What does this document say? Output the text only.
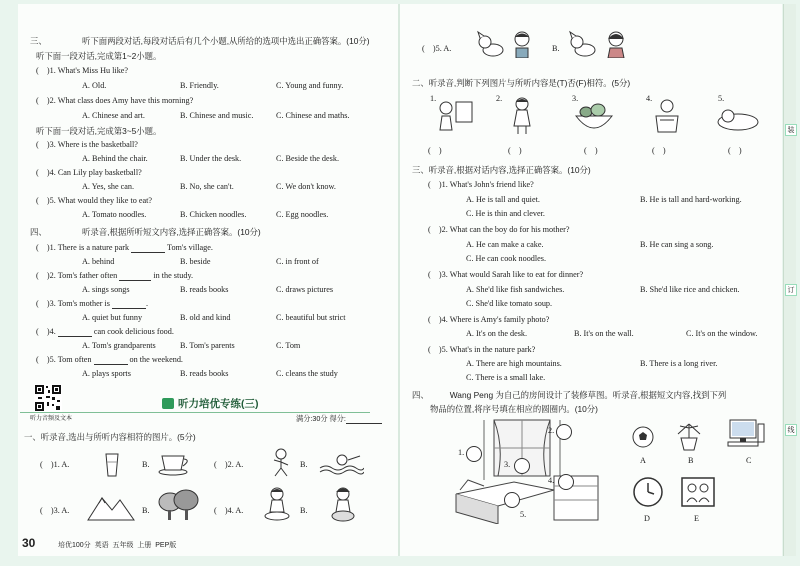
三、	听下面两段对话,每段对话后有几个小题,从所给的选项中选出正确答案。(10分)
听下面一段对话,完成第1~2小题。
(    )1. What's Miss Hu like?
A. Old.	B. Friendly.	C. Young and funny.
(    )2. What class does Amy have this morning?
A. Chinese and art.	B. Chinese and music.	C. Chinese and maths.
听下面一段对话,完成第3~5小题。
(    )3. Where is the basketball?
A. Behind the chair.	B. Under the desk.	C. Beside the desk.
(    )4. Can Lily play basketball?
A. Yes, she can.	B. No, she can't.	C. We don't know.
(    )5. What would they like to eat?
A. Tomato noodles.	B. Chicken noodles.	C. Egg noodles.
四、	听录音,根据所听短文内容,选择正确答案。(10分)
(    )1. There is a nature park	Tom's village.
A. behind	B. beside	C. in front of
(    )2. Tom's father often	in the study.
A. sings songs	B. reads books	C. draws pictures
(    )3. Tom's mother is	.
A. quiet but funny	B. old and kind	C. beautiful but strict
(    )4.	can cook delicious food.
A. Tom's grandparents	B. Tom's parents	C. Tom
(    )5. Tom often	on the weekend.
A. plays sports	B. reads books	C. cleans the study
听力音频及文本
听力培优专练(三)
满分:30分 得分:
一、听录音,选出与所听内容相符的图片。(5分)
(    )1. A.	B.	(    )2. A.	B.
(    )3. A.	B.	(    )4. A.	B.
30	培优100分 英语 五年级 上册 PEP版
(    )5. A.	B.
二、听录音,判断下列图片与所听内容是(T)否(F)相符。(5分)
1.	2.	3.	4.	5.
(    )	(    )	(    )	(    )	(    )
三、听录音,根据对话内容,选择正确答案。(10分)
(    )1. What's John's friend like?
A. He is tall and quiet.	B. He is tall and hard-working.
C. He is thin and clever.
(    )2. What can the boy do for his mother?
A. He can make a cake.	B. He can sing a song.
C. He can cook noodles.
(    )3. What would Sarah like to eat for dinner?
A. She'd like fish sandwiches.	B. She'd like rice and chicken.
C. She'd like tomato soup.
(    )4. Where is Amy's family photo?
A. It's on the desk.	B. It's on the wall.	C. It's on the window.
(    )5. What's in the nature park?
A. There are high mountains.	B. There is a long river.
C. There is a small lake.
四、 Wang Peng 为自己的房间设计了装修草图。听录音,根据短文内容,找到下列
物品的位置,将序号填在相应的圆圈内。(10分)
2.
1.
3.
4.
5.
A	B	C
D	E
装
订
线
